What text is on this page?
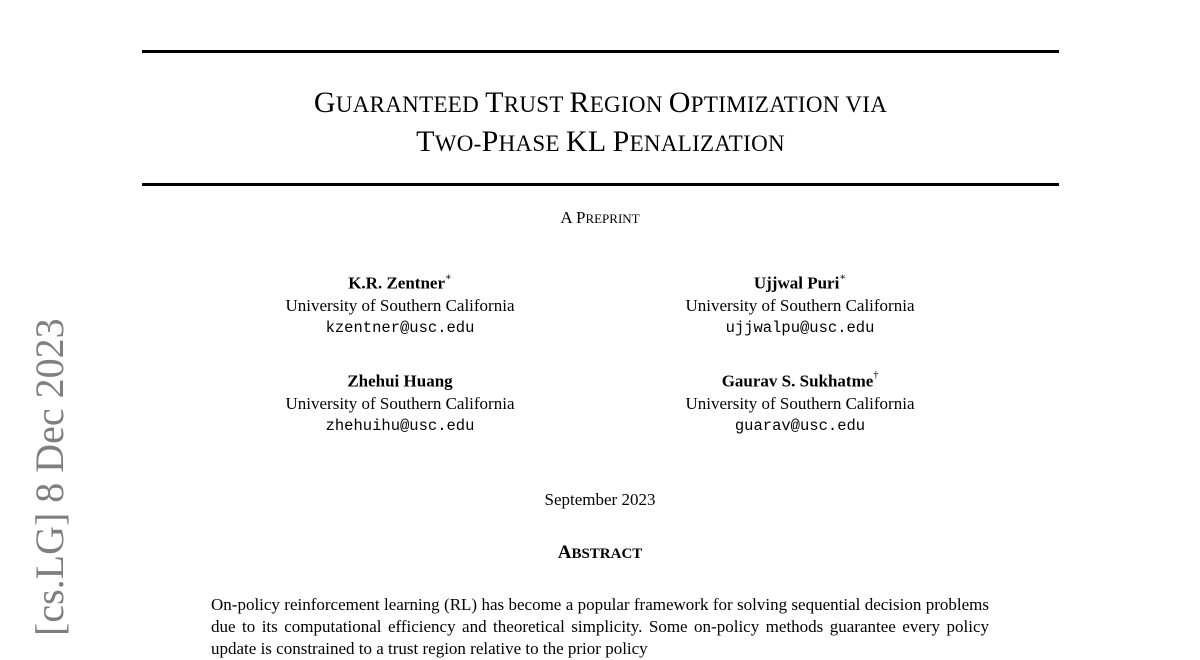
[cs.LG] 8 Dec 2023
GUARANTEED TRUST REGION OPTIMIZATION VIA
TWO-PHASE KL PENALIZATION
A PREPRINT
K.R. Zentner∗
University of Southern California
kzentner@usc.edu
Ujjwal Puri∗
University of Southern California
ujjwalpu@usc.edu
Zhehui Huang
University of Southern California
zhehuihu@usc.edu
Gaurav S. Sukhatme†
University of Southern California
guarav@usc.edu
September 2023
ABSTRACT
On-policy reinforcement learning (RL) has become a popular framework for solving sequential decision problems due to its computational efficiency and theoretical simplicity. Some on-policy methods guarantee every policy update is constrained to a trust region relative to the prior policy
